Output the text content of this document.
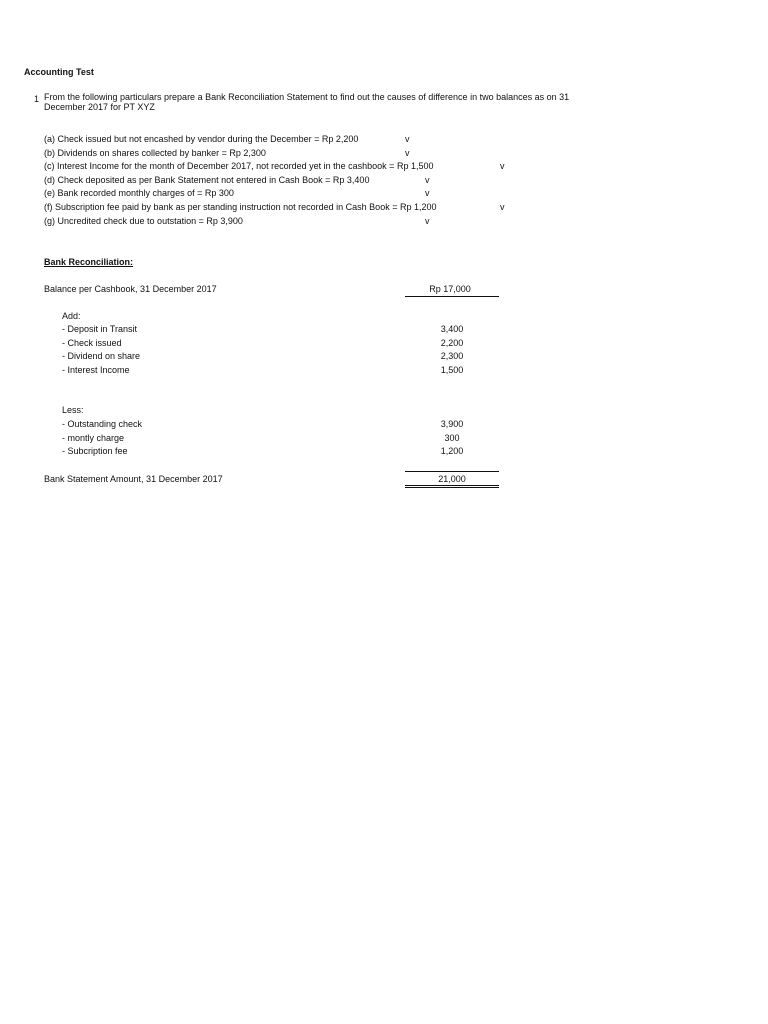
Accounting Test
1 From the following particulars prepare a Bank Reconciliation Statement to find out the causes of difference in two balances as on 31
December 2017 for PT XYZ
(a) Check issued but not encashed by vendor during the December = Rp 2,200	v
(b) Dividends on shares collected by banker = Rp 2,300	v
(c) Interest Income for the month of December 2017, not recorded yet in the cashbook = Rp 1,500	v
(d) Check deposited as per Bank Statement not entered in Cash Book = Rp 3,400	v
(e) Bank recorded monthly charges of = Rp 300	v
(f) Subscription fee paid by bank as per standing instruction not recorded in Cash Book = Rp 1,200	v
(g) Uncredited check due to outstation = Rp 3,900	v
Bank Reconciliation:
Balance per Cashbook, 31 December 2017	Rp 17,000
Add:
- Deposit in Transit	3,400
- Check issued	2,200
- Dividend on share	2,300
- Interest Income	1,500
Less:
- Outstanding check	3,900
- montly charge	300
- Subcription fee	1,200
Bank Statement Amount, 31 December 2017	21,000
